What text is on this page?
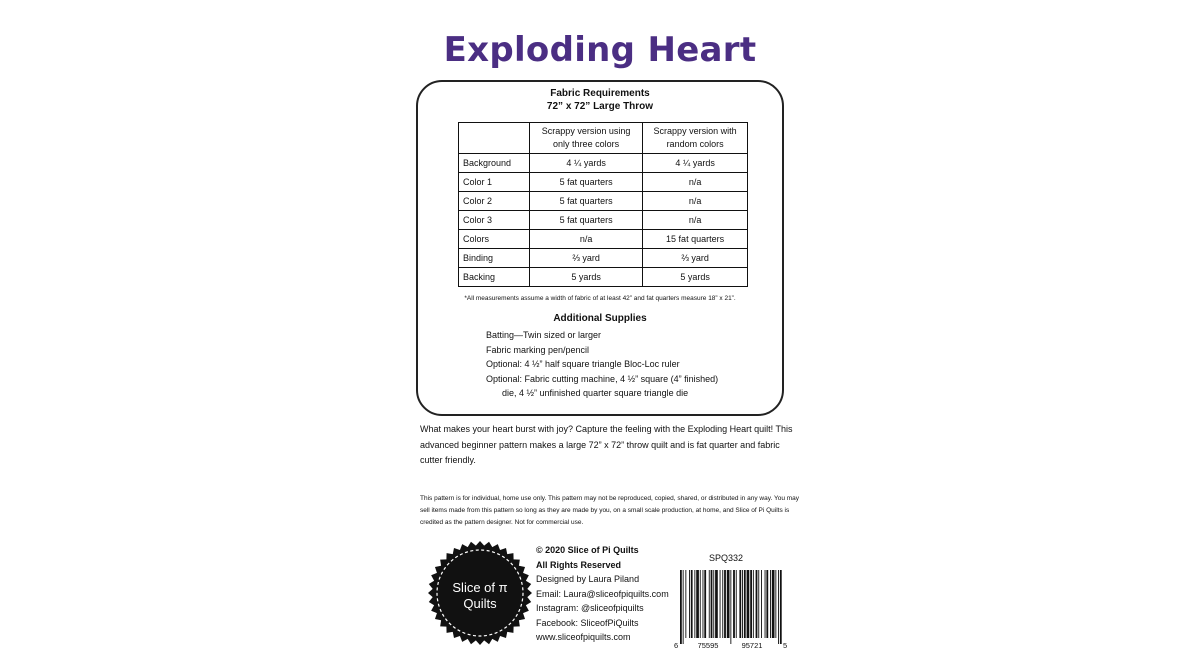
Exploding Heart
Fabric Requirements
72” x 72” Large Throw
	Scrappy version using only three colors	Scrappy version with random colors
Background	4 ¼ yards	4 ¼ yards
Color 1	5 fat quarters	n/a
Color 2	5 fat quarters	n/a
Color 3	5 fat quarters	n/a
Colors	n/a	15 fat quarters
Binding	⅔ yard	⅔ yard
Backing	5 yards	5 yards
*All measurements assume a width of fabric of at least 42” and fat quarters measure 18” x 21”.
Additional Supplies
Batting—Twin sized or larger
Fabric marking pen/pencil
Optional: 4 ½” half square triangle Bloc-Loc ruler
Optional: Fabric cutting machine, 4 ½” square (4” finished)
die, 4 ½” unfinished quarter square triangle die
What makes your heart burst with joy? Capture the feeling with the Exploding Heart quilt! This advanced beginner pattern makes a large 72” x 72” throw quilt and is fat quarter and fabric cutter friendly.
This pattern is for individual, home use only. This pattern may not be reproduced, copied, shared, or distributed in any way. You may sell items made from this pattern so long as they are made by you, on a small scale production, at home, and Slice of Pi Quilts is credited as the pattern designer. Not for commercial use.
Slice of π
Quilts
© 2020 Slice of Pi Quilts
All Rights Reserved
Designed by Laura Piland
Email: Laura@sliceofpiquilts.com
Instagram: @sliceofpiquilts
Facebook: SliceofPiQuilts
www.sliceofpiquilts.com
SPQ332
6	75595	95721	5
